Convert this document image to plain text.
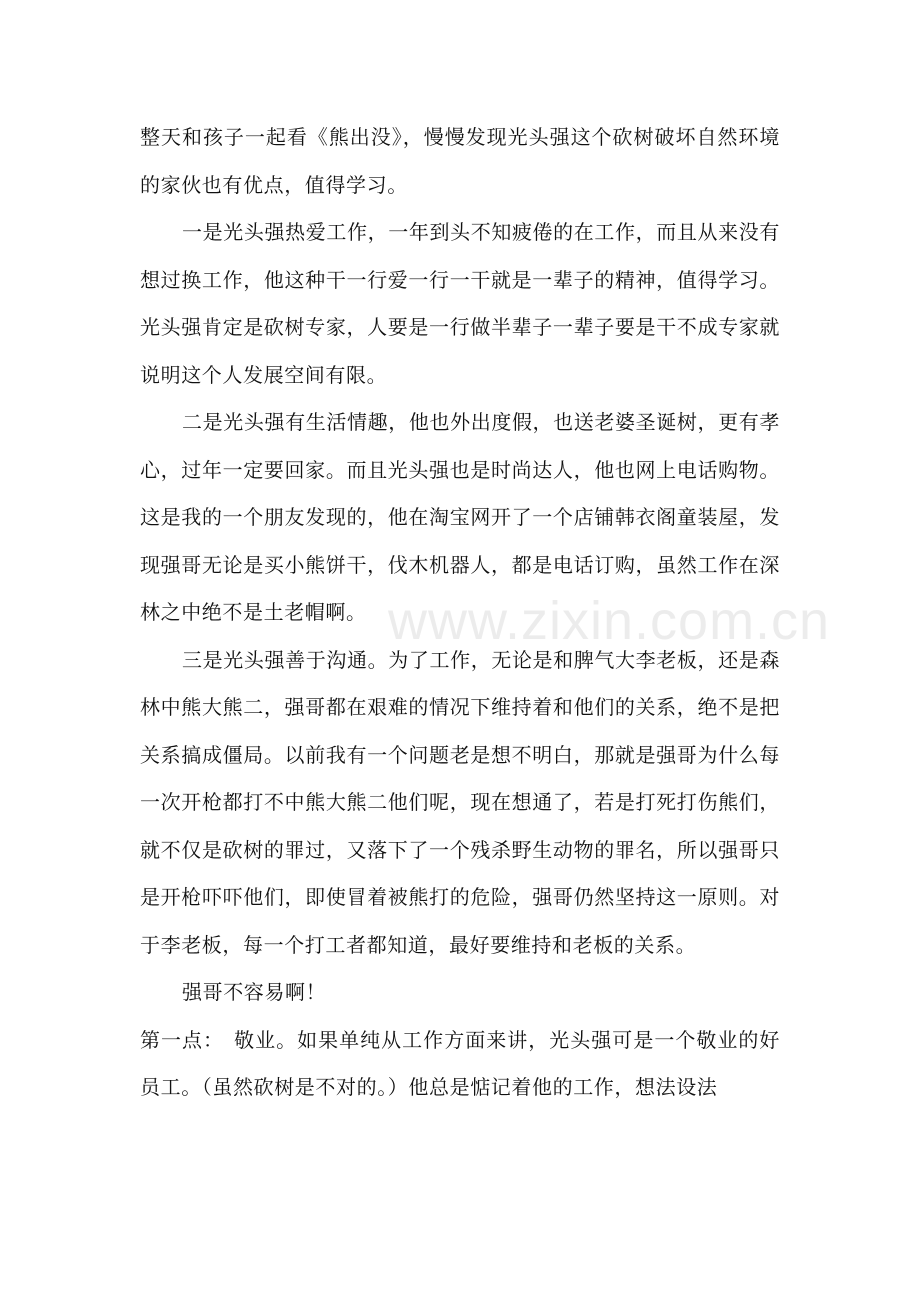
整天和孩子一起看《熊出没》，慢慢发现光头强这个砍树破坏自然环境的家伙也有优点，值得学习。

一是光头强热爱工作，一年到头不知疲倦的在工作，而且从来没有想过换工作，他这种干一行爱一行一干就是一辈子的精神，值得学习。光头强肯定是砍树专家，人要是一行做半辈子一辈子要是干不成专家就说明这个人发展空间有限。

二是光头强有生活情趣，他也外出度假，也送老婆圣诞树，更有孝心，过年一定要回家。而且光头强也是时尚达人，他也网上电话购物。这是我的一个朋友发现的，他在淘宝网开了一个店铺韩衣阁童装屋，发现强哥无论是买小熊饼干，伐木机器人，都是电话订购，虽然工作在深林之中绝不是土老帽啊。

三是光头强善于沟通。为了工作，无论是和脾气大李老板，还是森林中熊大熊二，强哥都在艰难的情况下维持着和他们的关系，绝不是把关系搞成僵局。以前我有一个问题老是想不明白，那就是强哥为什么每一次开枪都打不中熊大熊二他们呢，现在想通了，若是打死打伤熊们，就不仅是砍树的罪过，又落下了一个残杀野生动物的罪名，所以强哥只是开枪吓吓他们，即使冒着被熊打的危险，强哥仍然坚持这一原则。对于李老板，每一个打工者都知道，最好要维持和老板的关系。

强哥不容易啊！

第一点： 敬业。如果单纯从工作方面来讲，光头强可是一个敬业的好员工。（虽然砍树是不对的。）他总是惦记着他的工作，想法设法

www.zixin.com.cn
